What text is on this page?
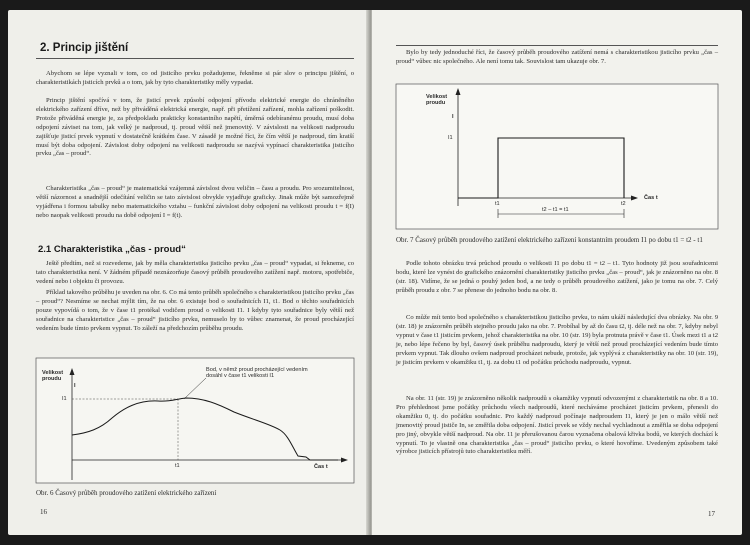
2. Princip jištění

Abychom se lépe vyznali v tom, co od jisticího prvku požadujeme, řekněme si pár slov o principu jištění, o charakteristikách jisticích prvků a o tom, jak by tyto charakteristiky měly vypadat.

Princip jištění spočívá v tom, že jisticí prvek způsobí odpojení přívodu elektrické energie do chráněného elektrického zařízení dříve, než by přiváděná elektrická energie, např. při přetížení zařízení, mohla zařízení poškodit. Protože přiváděná energie je, za předpokladu prakticky konstantního napětí, úměrná odebíranému proudu, musí doba odpojení záviset na tom, jak velký je nadproud, tj. proud větší než jmenovitý. V závislosti na velikosti nadproudu zajišťuje jisticí prvek vypnutí v dostatečně krátkém čase. V zásadě je možné říci, že čím větší je nadproud, tím kratší musí být doba odpojení. Závislost doby odpojení na velikosti nadproudu se nazývá vypínací charakteristika jisticího prvku „čas – proud“.

Charakteristika „čas – proud“ je matematická vzájemná závislost dvou veličin – času a proudu. Pro srozumitelnost, větší názornost a snadnější odečítání veličin se tato závislost obvykle vyjadřuje graficky. Jinak může být samozřejmě vyjádřena i formou tabulky nebo matematického vztahu – funkční závislost doby odpojení na velikosti proudu t = f(I) nebo naopak velikosti proudu na době odpojení I = f(t).

2.1 Charakteristika „čas - proud“

Ještě předtím, než si rozvedeme, jak by měla charakteristika jisticího prvku „čas – proud“ vypadat, si řekneme, co tato charakteristika není. V žádném případě neznázorňuje časový průběh proudového zatížení např. motoru, spotřebiče, vedení nebo i objektu či provozu.

Příklad takového průběhu je uveden na obr. 6. Co má tento průběh společného s charakteristikou jisticího prvku „čas – proud“? Nesmíme se nechat mýlit tím, že na obr. 6 existuje bod o souřadnicích I1, t1. Bod o těchto souřadnicích pouze vypovídá o tom, že v čase t1 protékal vodičem proud o velikosti I1. I kdyby tyto souřadnice byly větší než souřadnice na charakteristice „čas – proud“ jisticího prvku, nemuselo by to vůbec znamenat, že proud procházející vedením bude tímto prvkem vypnut. To záleží na předchozím průběhu proudu.

Velikost proudu
I
I1
t1	Čas t
Bod, v němž proud procházející vedením dosáhl v čase t1 velikosti I1

Obr. 6 Časový průběh proudového zatížení elektrického zařízení

16

Bylo by tedy jednoduché říci, že časový průběh proudového zatížení nemá s charakteristikou jisticího prvku „čas – proud“ vůbec nic společného. Ale není tomu tak. Souvislost tam ukazuje obr. 7.

Velikost proudu
I
I1
t1	t2
Čas t
t2 – t1 = t1

Obr. 7 Časový průběh proudového zatížení elektrického zařízení konstantním proudem I1 po dobu t1 = t2 - t1

Podle tohoto obrázku trvá průchod proudu o velikosti I1 po dobu t1 = t2 – t1. Tyto hodnoty již jsou souřadnicemi bodu, které lze vynést do grafického znázornění charakteristiky jisticího prvku „čas – proud“, jak je znázorněno na obr. 8 (str. 18). Vidíme, že se jedná o pouhý jeden bod, a ne tedy o průběh proudového zatížení, jako je tomu na obr. 7. Celý průběh proudu z obr. 7 se přenese do jednoho bodu na obr. 8.

Co může mít tento bod společného s charakteristikou jisticího prvku, to nám ukáží následující dva obrázky. Na obr. 9 (str. 18) je znázorněn průběh stejného proudu jako na obr. 7. Probíhal by až do času t2, tj. déle než na obr. 7, kdyby nebyl vypnut v čase t1 jisticím prvkem, jehož charakteristika na obr. 10 (str. 19) byla protnuta právě v čase t1. Úsek mezi t1 a t2 je, nebo lépe řečeno by byl, časový úsek průběhu nadproudu, který je větší než proud procházející vedením bude tímto prvkem vypnut. Tak dlouho ovšem nadproud procházet nebude, protože, jak vyplývá z charakteristiky na obr. 10 (str. 19), je jisticím prvkem v okamžiku t1, tj. za dobu t1 od počátku průchodu nadproudu, vypnut.

Na obr. 11 (str. 19) je znázorněno několik nadproudů s okamžiky vypnutí odvozenými z charakteristik na obr. 8 a 10. Pro přehlednost jsme počátky průchodu všech nadproudů, které necháváme procházet jisticím prvkem, přenesli do okamžiku 0, tj. do počátku souřadnic. Pro každý nadproud počínaje nadproudem I1, který je jen o málo větší než jmenovitý proud jističe In, se změřila doba odpojení. Jisticí prvek se vždy nechal vychladnout a změřila se doba odpojení pro jiný, obvykle větší nadproud. Na obr. 11 je přerušovanou čarou vyznačena obalová křivka bodů, ve kterých dochází k vypnutí. To je vlastně ona charakteristika „čas – proud“ jisticího prvku, o které hovoříme. Uvedeným způsobem také výrobce jisticích přístrojů tuto charakteristiku měří.

17
